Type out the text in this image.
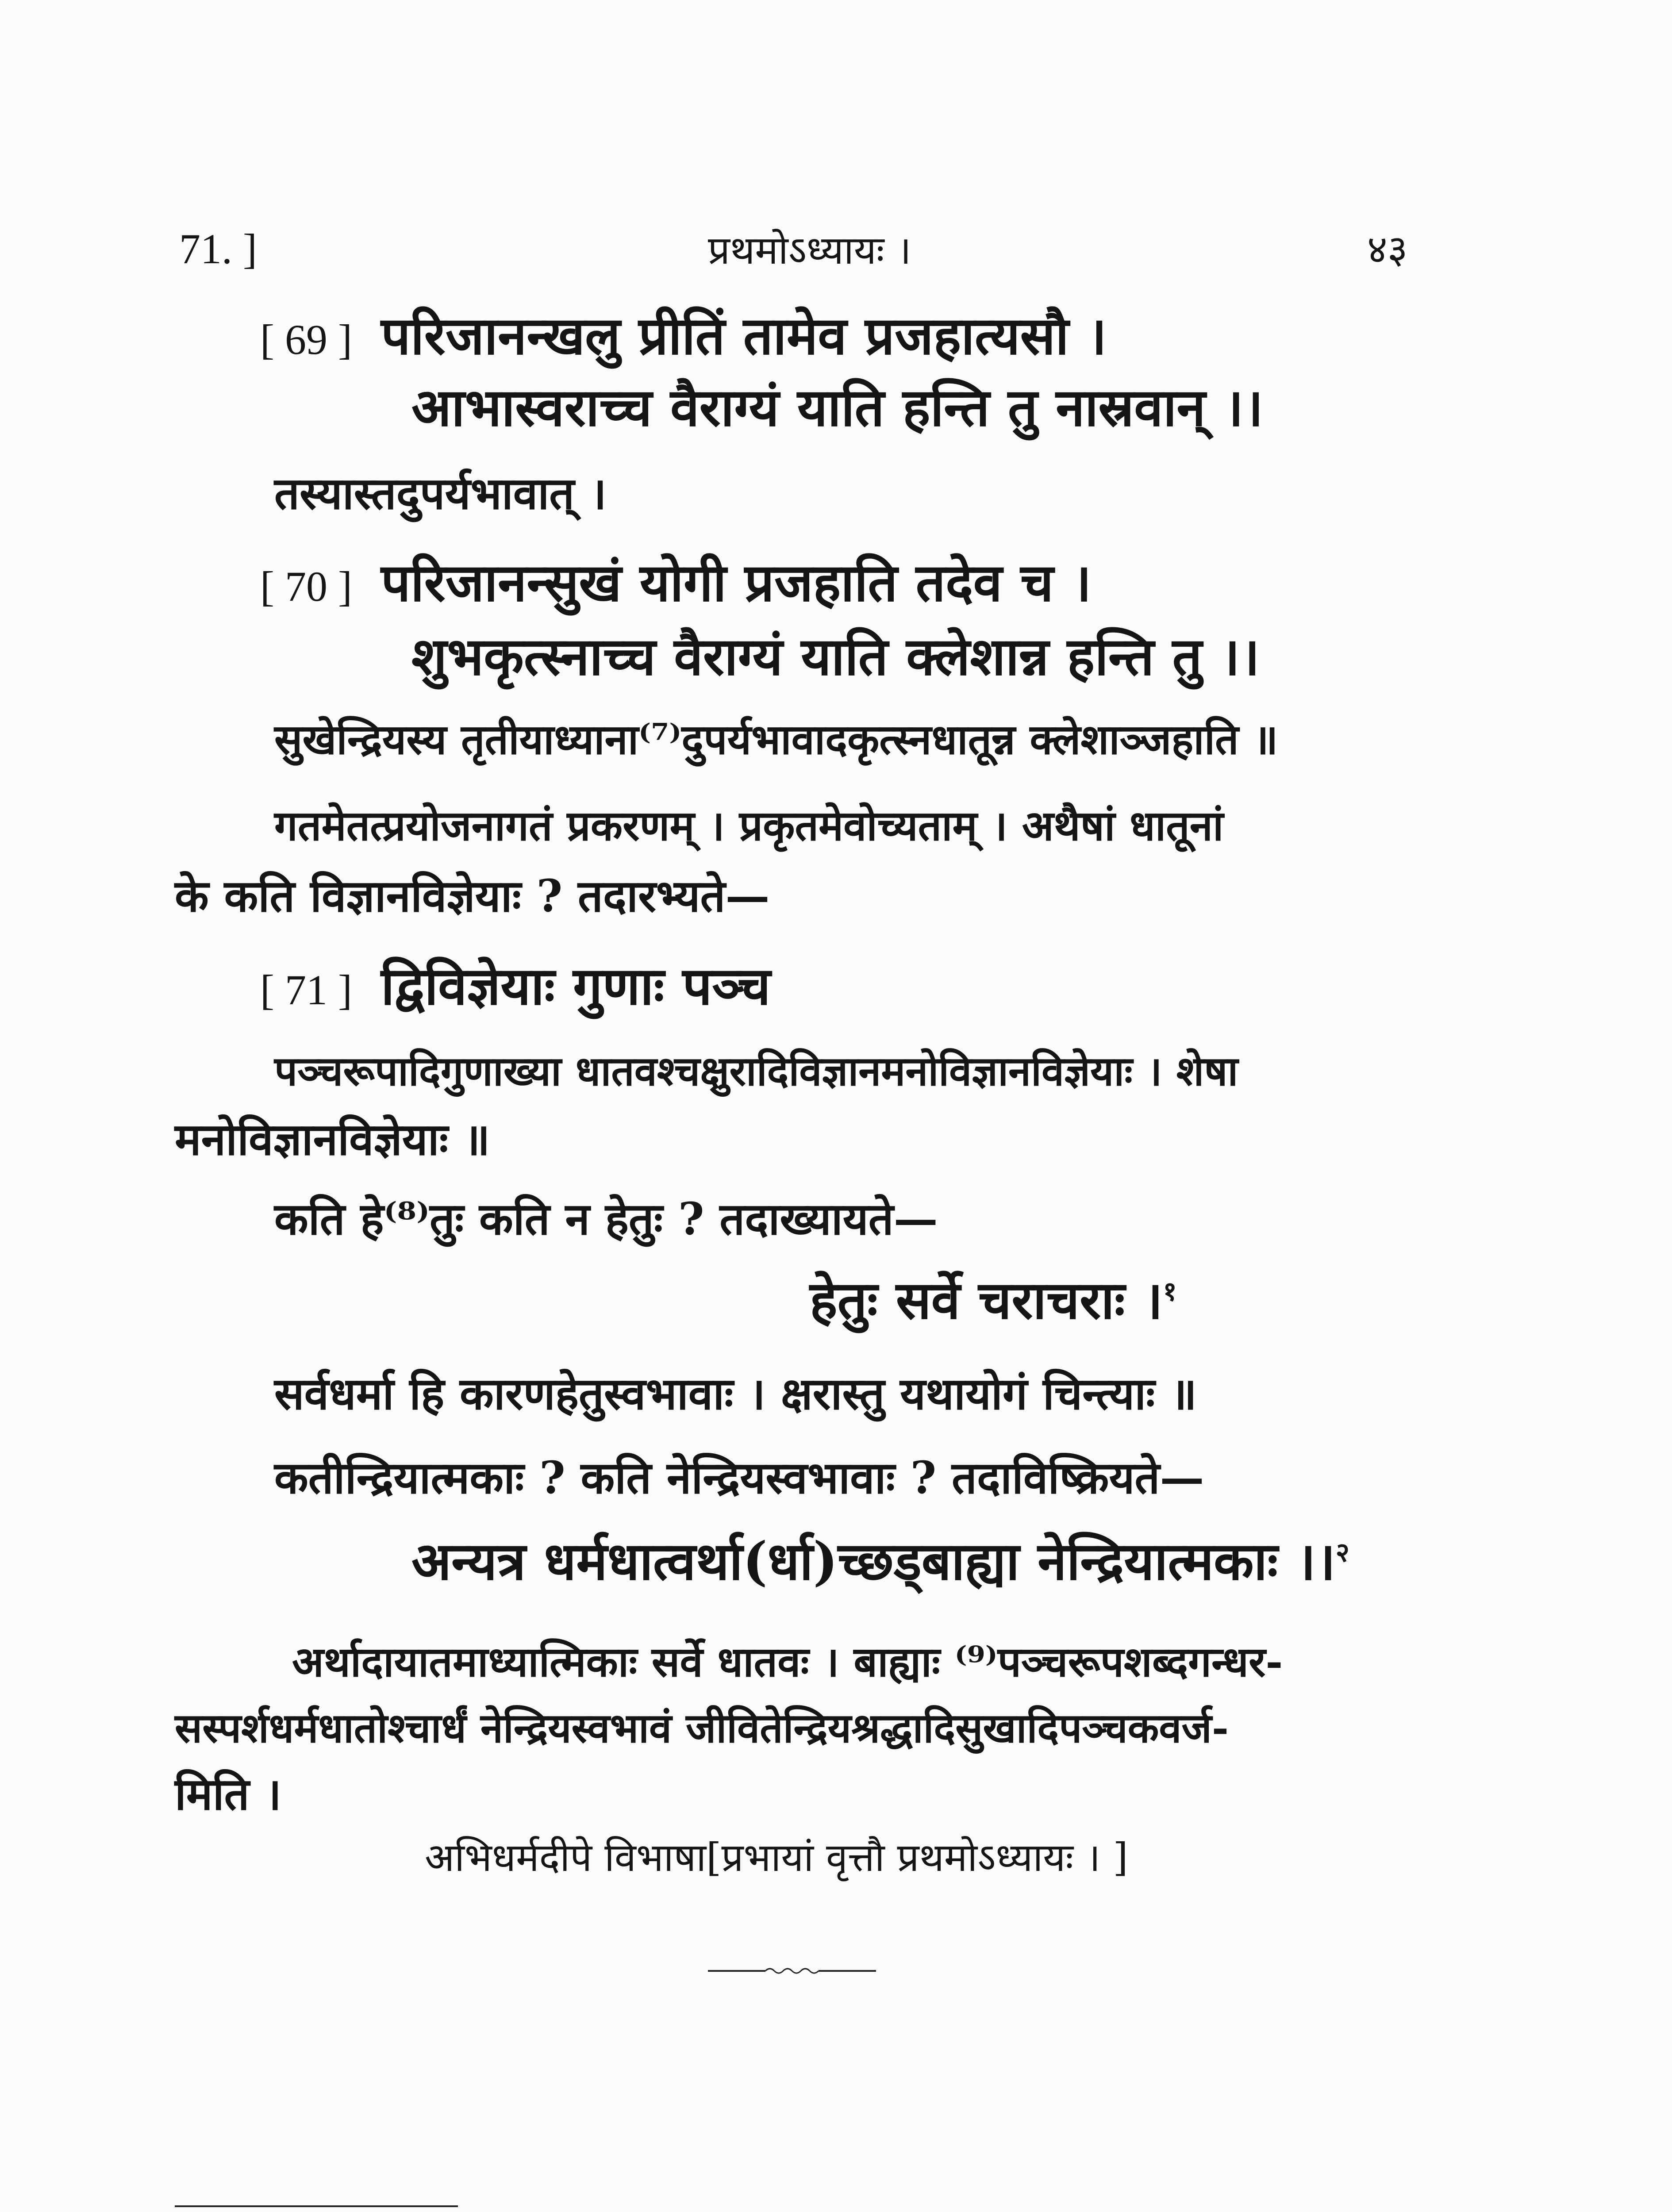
71. ]	प्रथमोऽध्यायः ।	४३
[ 69 ] परिजानन्खलु प्रीतिं तामेव प्रजहात्यसौ ।
आभास्वराच्च वैराग्यं याति हन्ति तु नास्रवान् ।।
तस्यास्तदुपर्यभावात् ।
[ 70 ] परिजानन्सुखं योगी प्रजहाति तदेव च ।
शुभकृत्स्नाच्च वैराग्यं याति क्लेशान्न हन्ति तु ।।
सुखेन्द्रियस्य तृतीयाध्याना⁽⁷⁾दुपर्यभावादकृत्स्नधातून्न क्लेशाञ्जहाति ॥
गतमेतत्प्रयोजनागतं प्रकरणम् । प्रकृतमेवोच्यताम् । अथैषां धातूनां
के कति विज्ञानविज्ञेयाः ? तदारभ्यते—
[ 71 ] द्विविज्ञेयाः गुणाः पञ्च
पञ्चरूपादिगुणाख्या धातवश्चक्षुरादिविज्ञानमनोविज्ञानविज्ञेयाः । शेषा
मनोविज्ञानविज्ञेयाः ॥
कति हे⁽⁸⁾तुः कति न हेतुः ? तदाख्यायते—
हेतुः सर्वे चराचराः ।$^१$
सर्वधर्मा हि कारणहेतुस्वभावाः । क्षरास्तु यथायोगं चिन्त्याः ॥
कतीन्द्रियात्मकाः ? कति नेन्द्रियस्वभावाः ? तदाविष्क्रियते—
अन्यत्र धर्मधात्वर्था(र्धा)च्छड्बाह्या नेन्द्रियात्मकाः ।।$^२$
अर्थादायातमाध्यात्मिकाः सर्वे धातवः । बाह्याः ⁽⁹⁾पञ्चरूपशब्दगन्धर-
सस्पर्शधर्मधातोश्चार्धं नेन्द्रियस्वभावं जीवितेन्द्रियश्रद्धादिसुखादिपञ्चकवर्ज-
मिति ।
अभिधर्मदीपे विभाषा[प्रभायां वृत्तौ प्रथमोऽध्यायः । ]
